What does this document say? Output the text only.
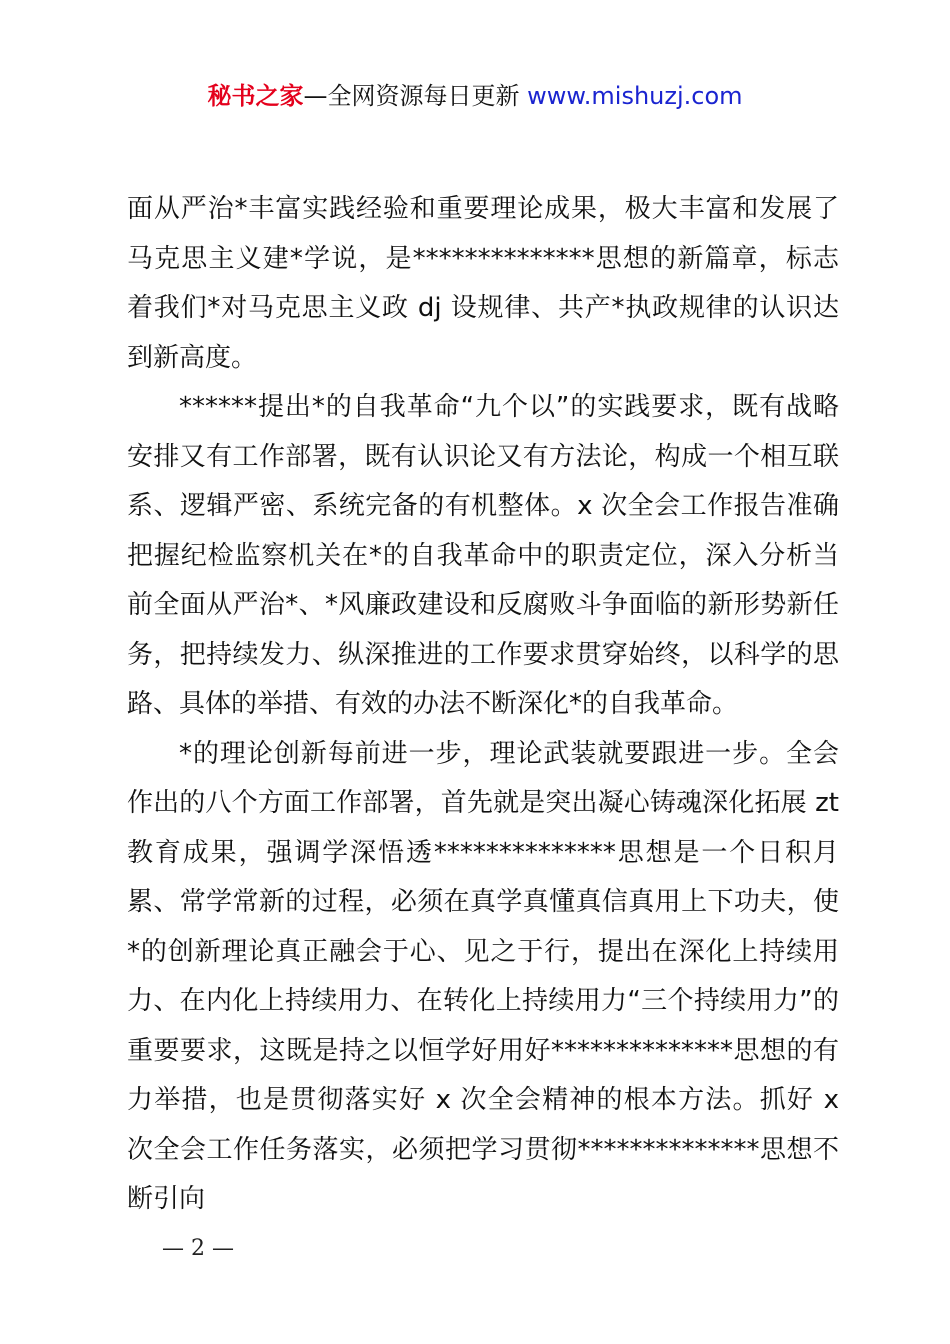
秘书之家—全网资源每日更新 www.mishuzj.com

面从严治*丰富实践经验和重要理论成果，极大丰富和发展了马克思主义建*学说，是**************思想的新篇章，标志着我们*对马克思主义政 dj 设规律、共产*执政规律的认识达到新高度。

******提出*的自我革命“九个以”的实践要求，既有战略安排又有工作部署，既有认识论又有方法论，构成一个相互联系、逻辑严密、系统完备的有机整体。x 次全会工作报告准确把握纪检监察机关在*的自我革命中的职责定位，深入分析当前全面从严治*、*风廉政建设和反腐败斗争面临的新形势新任务，把持续发力、纵深推进的工作要求贯穿始终，以科学的思路、具体的举措、有效的办法不断深化*的自我革命。

*的理论创新每前进一步，理论武装就要跟进一步。全会作出的八个方面工作部署，首先就是突出凝心铸魂深化拓展 zt 教育成果，强调学深悟透**************思想是一个日积月累、常学常新的过程，必须在真学真懂真信真用上下功夫，使*的创新理论真正融会于心、见之于行，提出在深化上持续用力、在内化上持续用力、在转化上持续用力“三个持续用力”的重要要求，这既是持之以恒学好用好**************思想的有力举措，也是贯彻落实好 x 次全会精神的根本方法。抓好 x 次全会工作任务落实，必须把学习贯彻**************思想不断引向

— 2 —
